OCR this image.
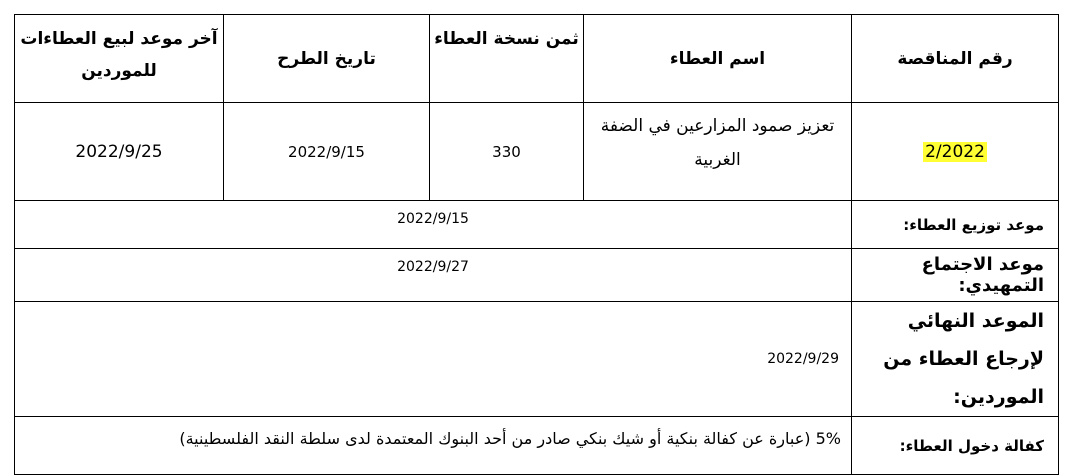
رقم المناقصة	اسم العطاء	ثمن نسخة العطاء	تاريخ الطرح	آخر موعد لبيع العطاءات للموردين
2/2022	تعزيز صمود المزارعين في الضفة الغربية	330	2022/9/15	2022/9/25
موعد توزيع العطاء:	2022/9/15			
موعد الاجتماع التمهيدي:	2022/9/27			
الموعد النهائي لإرجاع العطاء من الموردين:	2022/9/29			
كفالة دخول العطاء:	5% (عبارة عن كفالة بنكية أو شيك بنكي صادر من أحد البنوك المعتمدة لدى سلطة النقد الفلسطينية)			
